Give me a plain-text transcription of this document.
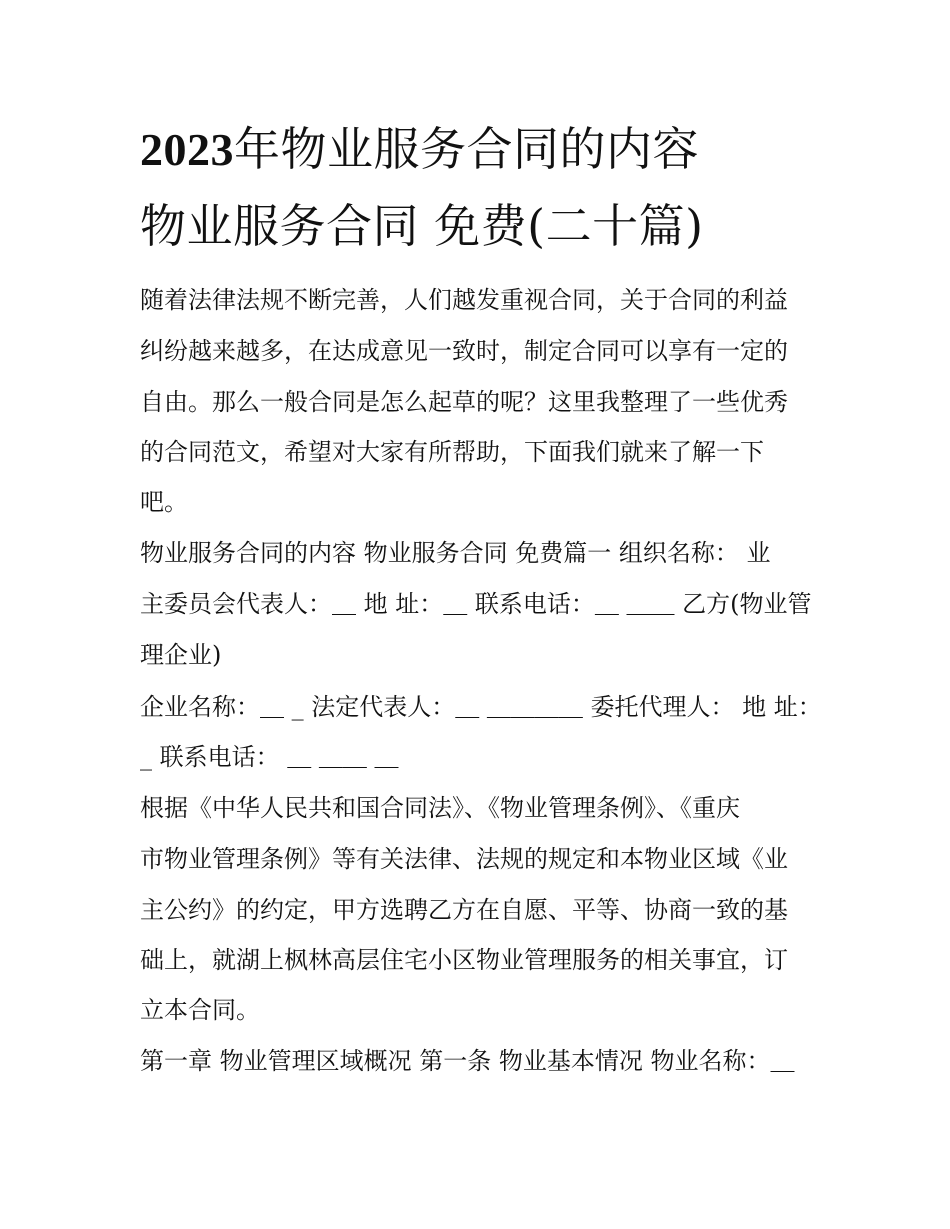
2023年物业服务合同的内容
物业服务合同 免费(二十篇)
随着法律法规不断完善，人们越发重视合同，关于合同的利益
纠纷越来越多，在达成意见一致时，制定合同可以享有一定的
自由。那么一般合同是怎么起草的呢？这里我整理了一些优秀
的合同范文，希望对大家有所帮助，下面我们就来了解一下
吧。
物业服务合同的内容 物业服务合同 免费篇一 组织名称： 业
主委员会代表人：＿ 地 址：＿ 联系电话：＿ ＿＿ 乙方(物业管
理企业)
企业名称：＿ _ 法定代表人：＿ ＿＿＿＿ 委托代理人： 地 址：
_ 联系电话： ＿ ＿＿ ＿
根据《中华人民共和国合同法》、《物业管理条例》、《重庆
市物业管理条例》等有关法律、法规的规定和本物业区域《业
主公约》的约定，甲方选聘乙方在自愿、平等、协商一致的基
础上，就湖上枫林高层住宅小区物业管理服务的相关事宜，订
立本合同。
第一章 物业管理区域概况 第一条 物业基本情况 物业名称：＿
